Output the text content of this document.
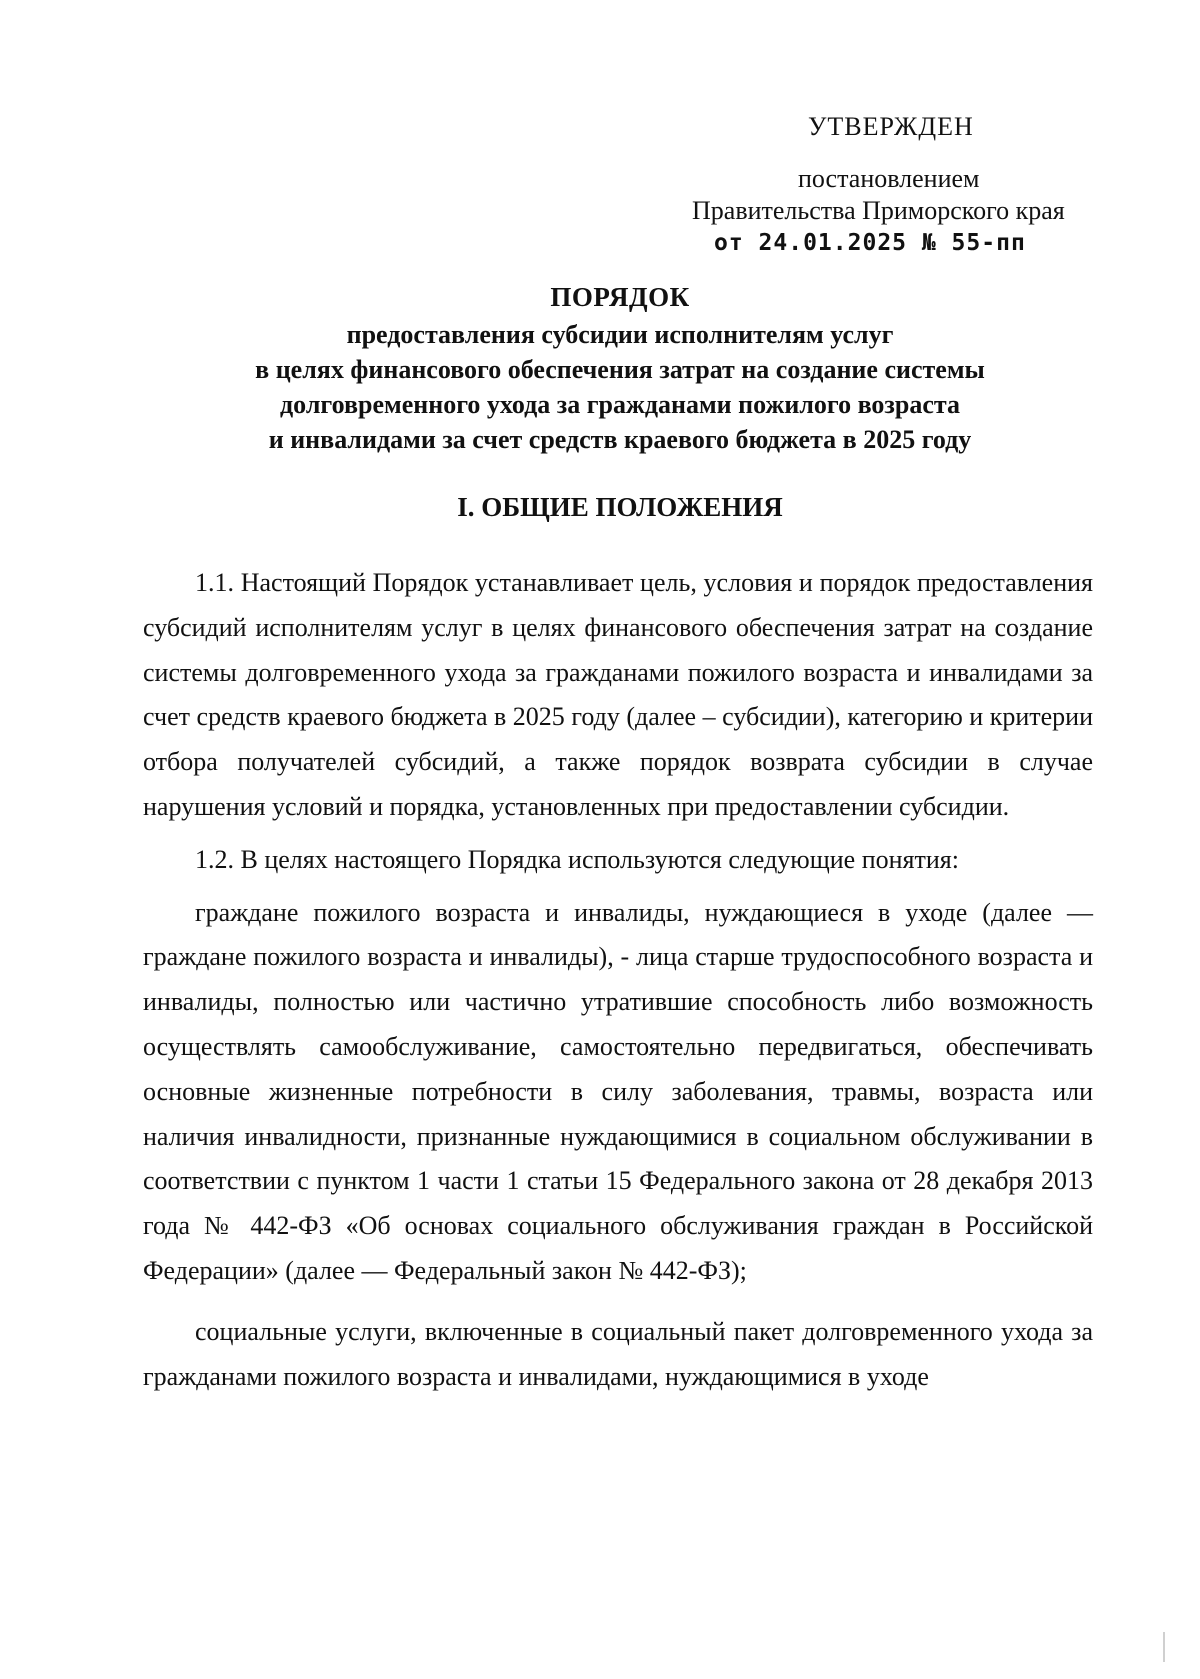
УТВЕРЖДЕН
постановлением
Правительства Приморского края
от 24.01.2025 № 55-пп

ПОРЯДОК

предоставления субсидии исполнителям услуг

в целях финансового обеспечения затрат на создание системы

долговременного ухода за гражданами пожилого возраста

и инвалидами за счет средств краевого бюджета в 2025 году

I. ОБЩИЕ ПОЛОЖЕНИЯ

1.1. Настоящий Порядок устанавливает цель, условия и порядок предоставления субсидий исполнителям услуг в целях финансового обеспечения затрат на создание системы долговременного ухода за гражданами пожилого возраста и инвалидами за счет средств краевого бюджета в 2025 году (далее – субсидии), категорию и критерии отбора получателей субсидий, а также порядок возврата субсидии в случае нарушения условий и порядка, установленных при предоставлении субсидии.

1.2. В целях настоящего Порядка используются следующие понятия:

граждане пожилого возраста и инвалиды, нуждающиеся в уходе (далее — граждане пожилого возраста и инвалиды), - лица старше трудоспособного возраста и инвалиды, полностью или частично утратившие способность либо возможность осуществлять самообслуживание, самостоятельно передвигаться, обеспечивать основные жизненные потребности в силу заболевания, травмы, возраста или наличия инвалидности, признанные нуждающимися в социальном обслуживании в соответствии с пунктом 1 части 1 статьи 15 Федерального закона от 28 декабря 2013 года № 442-ФЗ «Об основах социального обслуживания граждан в Российской Федерации» (далее — Федеральный закон № 442-ФЗ);

социальные услуги, включенные в социальный пакет долговременного ухода за гражданами пожилого возраста и инвалидами, нуждающимися в уходе
